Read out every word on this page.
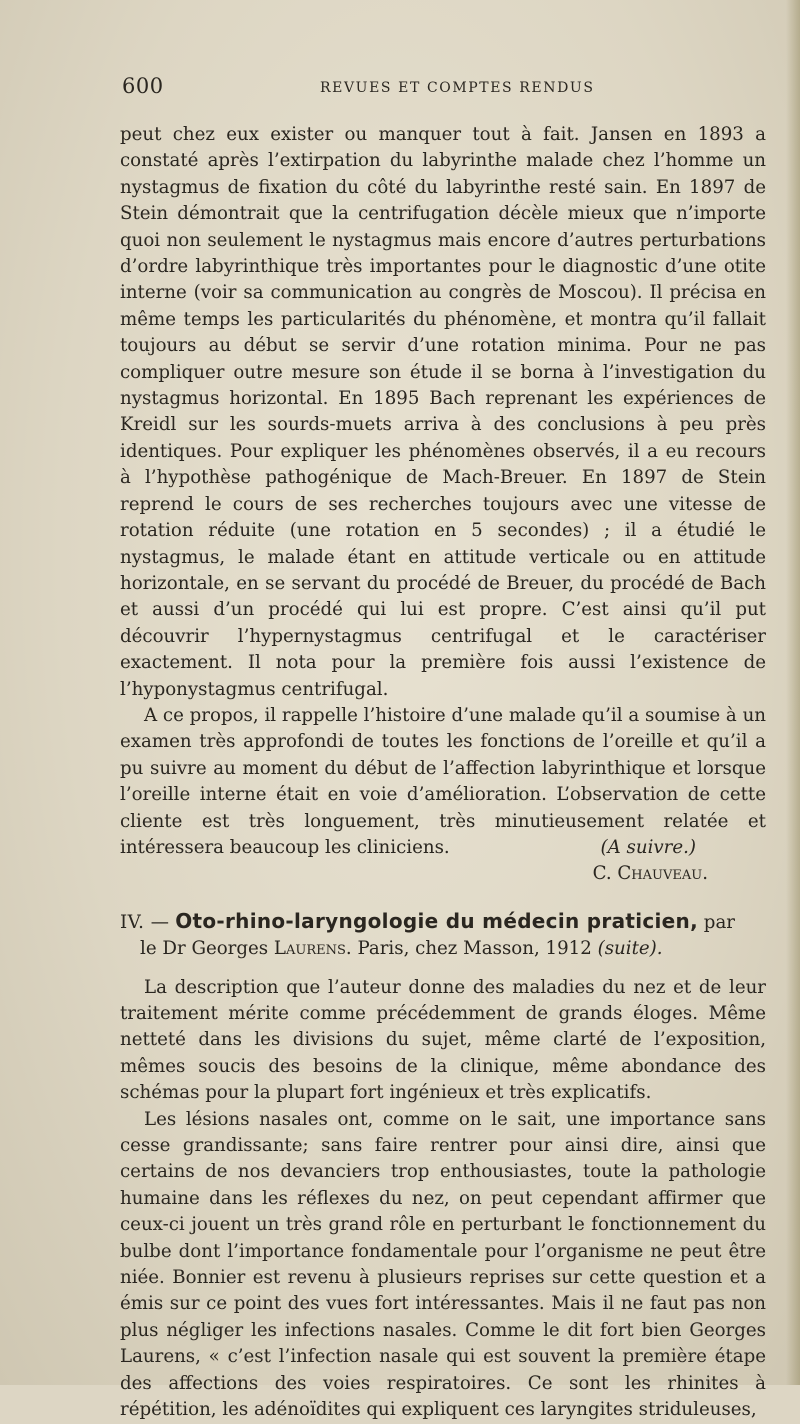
600	REVUES ET COMPTES RENDUS

peut chez eux exister ou manquer tout à fait. Jansen en 1893 a constaté après l’extirpation du labyrinthe malade chez l’homme un nystagmus de fixation du côté du labyrinthe resté sain. En 1897 de Stein démontrait que la centrifugation décèle mieux que n’importe quoi non seulement le nystagmus mais encore d’autres perturbations d’ordre labyrinthique très importantes pour le diagnostic d’une otite interne (voir sa communication au congrès de Moscou). Il précisa en même temps les particularités du phénomène, et montra qu’il fallait toujours au début se servir d’une rotation minima. Pour ne pas compliquer outre mesure son étude il se borna à l’investigation du nystagmus horizontal. En 1895 Bach reprenant les expériences de Kreidl sur les sourds-muets arriva à des conclusions à peu près identiques. Pour expliquer les phénomènes observés, il a eu recours à l’hypothèse pathogénique de Mach-Breuer. En 1897 de Stein reprend le cours de ses recherches toujours avec une vitesse de rotation réduite (une rotation en 5 secondes) ; il a étudié le nystagmus, le malade étant en attitude verticale ou en attitude horizontale, en se servant du procédé de Breuer, du procédé de Bach et aussi d’un procédé qui lui est propre. C’est ainsi qu’il put découvrir l’hypernystagmus centrifugal et le caractériser exactement. Il nota pour la première fois aussi l’existence de l’hyponystagmus centrifugal.

A ce propos, il rappelle l’histoire d’une malade qu’il a soumise à un examen très approfondi de toutes les fonctions de l’oreille et qu’il a pu suivre au moment du début de l’affection labyrinthique et lorsque l’oreille interne était en voie d’amélioration. L’observation de cette cliente est très longuement, très minutieusement relatée et intéressera beaucoup les cliniciens.	(A suivre.)
C. Chauveau.
IV. — Oto-rhino-laryngologie du médecin praticien, par
le Dr Georges Laurens. Paris, chez Masson, 1912 (suite).

La description que l’auteur donne des maladies du nez et de leur traitement mérite comme précédemment de grands éloges. Même netteté dans les divisions du sujet, même clarté de l’exposition, mêmes soucis des besoins de la clinique, même abondance des schémas pour la plupart fort ingénieux et très explicatifs.

Les lésions nasales ont, comme on le sait, une importance sans cesse grandissante; sans faire rentrer pour ainsi dire, ainsi que certains de nos devanciers trop enthousiastes, toute la pathologie humaine dans les réflexes du nez, on peut cependant affirmer que ceux-ci jouent un très grand rôle en perturbant le fonctionnement du bulbe dont l’importance fondamentale pour l’organisme ne peut être niée. Bonnier est revenu à plusieurs reprises sur cette question et a émis sur ce point des vues fort intéressantes. Mais il ne faut pas non plus négliger les infections nasales. Comme le dit fort bien Georges Laurens, « c’est l’infection nasale qui est souvent la première étape des affections des voies respiratoires. Ce sont les rhinites à répétition, les adénoïdites qui expliquent ces laryngites striduleuses,
